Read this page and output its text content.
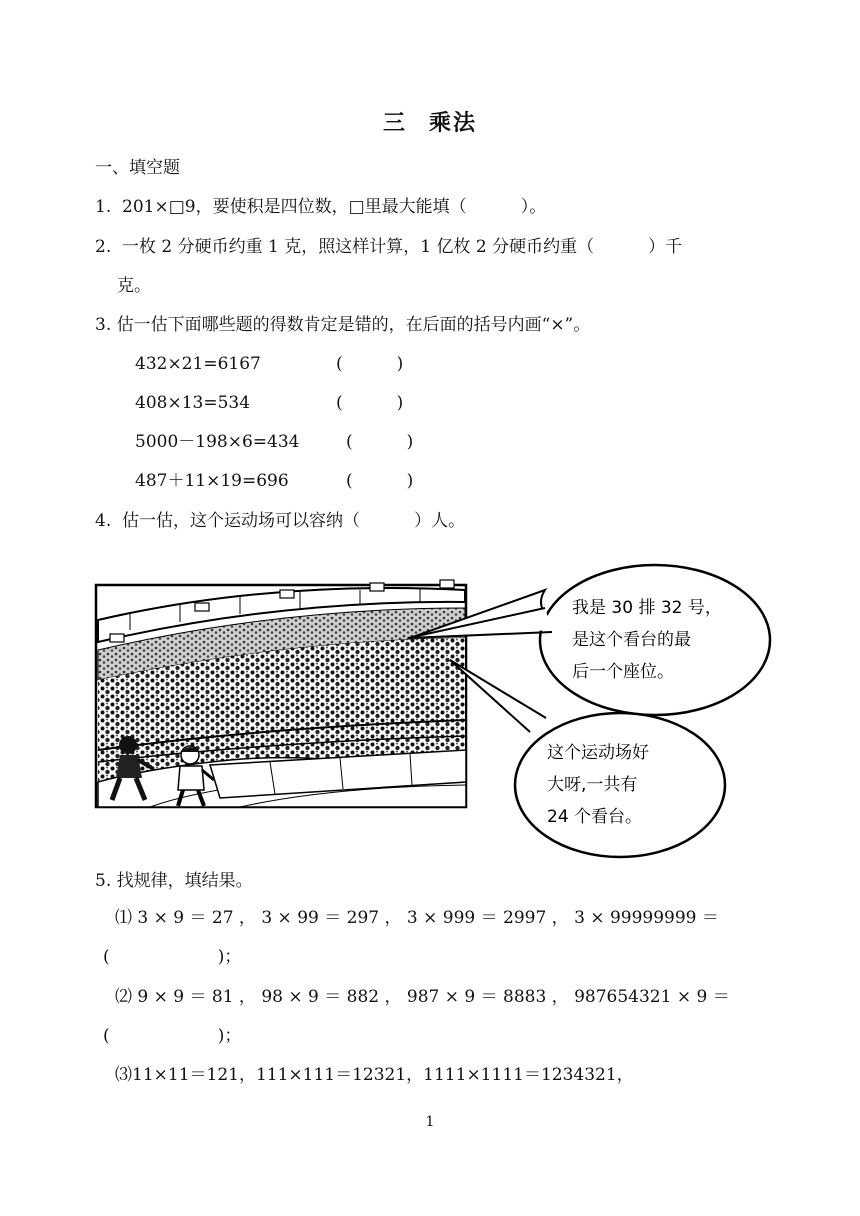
三 乘法
一、填空题
1.  201×□9，要使积是四位数，□里最大能填（          ）。
2.  一枚 2 分硬币约重 1 克，照这样计算，1 亿枚 2 分硬币约重（          ）千
克。
3. 估一估下面哪些题的得数肯定是错的，在后面的括号内画“×”。
432×21=6167	(          )
408×13=534	(          )
5000－198×6=434	(          )
487＋11×19=696	(          )
4.  估一估，这个运动场可以容纳（          ）人。
我是 30 排 32 号，
是这个看台的最
后一个座位。
这个运动场好
大呀,一共有
24 个看台。
5. 找规律，填结果。
⑴ 3 × 9 ＝ 27 ， 3 × 99 ＝ 297 ， 3 × 999 ＝ 2997 ， 3 × 99999999 ＝
(                    )；
⑵ 9 × 9 ＝ 81 ， 98 × 9 ＝ 882 ， 987 × 9 ＝ 8883 ， 987654321 × 9 ＝
(                    )；
⑶11×11＝121，111×111＝12321，1111×1111＝1234321，
1
